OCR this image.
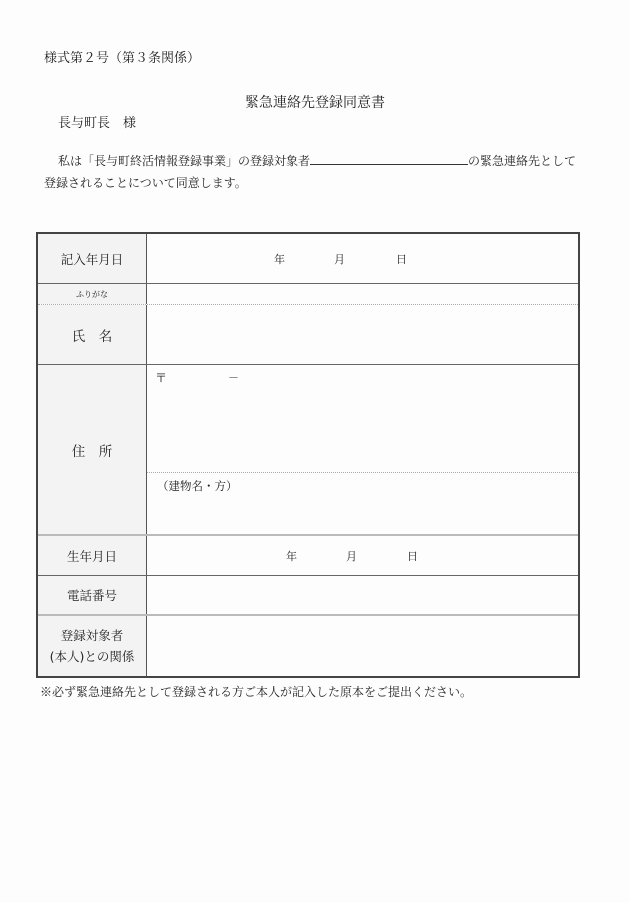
様式第２号（第３条関係）
緊急連絡先登録同意書
長与町長　様
私は「長与町終活情報登録事業」の登録対象者	の緊急連絡先として
登録されることについて同意します。
記入年月日	年	月	日
ふりがな
氏　名
住　所
〒	－
（建物名・方）
生年月日	年	月	日
電話番号
登録対象者
(本人)との関係
※必ず緊急連絡先として登録される方ご本人が記入した原本をご提出ください。
